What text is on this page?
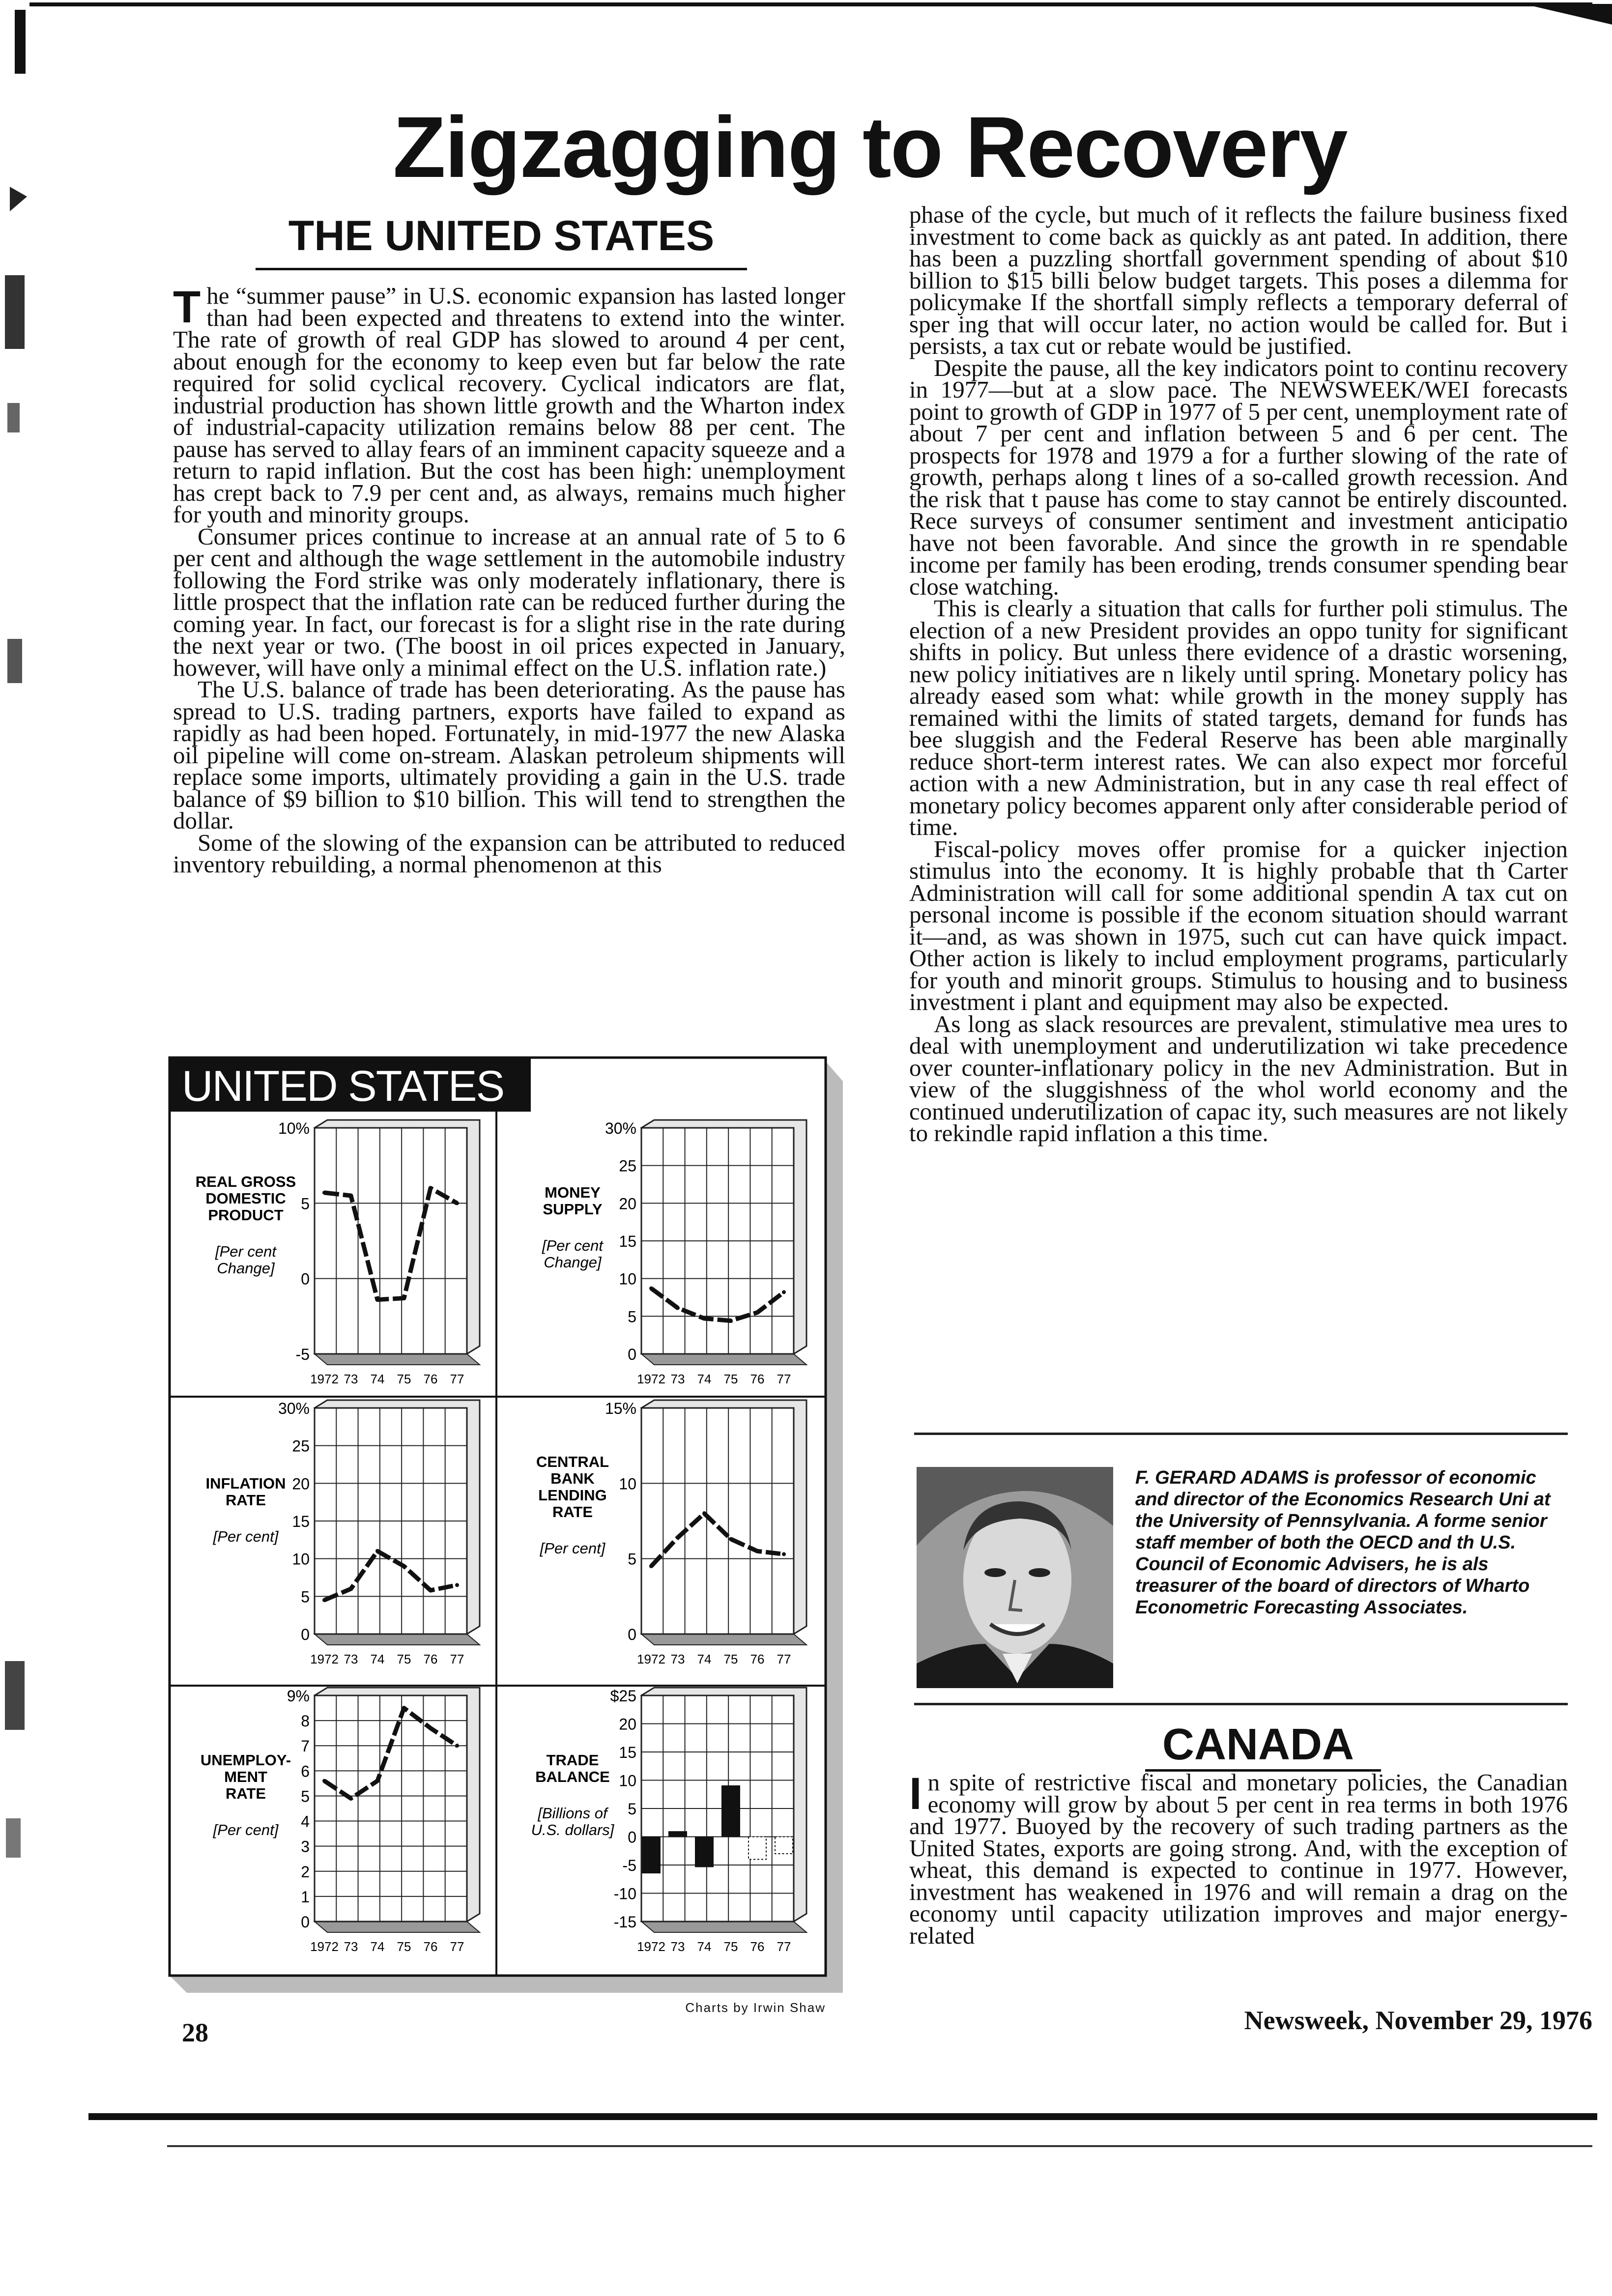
Zigzagging to Recovery
THE UNITED STATES

The “summer pause” in U.S. economic expansion has lasted longer than had been expected and threatens to extend into the winter. The rate of growth of real GDP has slowed to around 4 per cent, about enough for the economy to keep even but far below the rate required for solid cyclical recovery. Cyclical indicators are flat, industrial production has shown little growth and the Wharton index of industrial-capacity utilization remains below 88 per cent. The pause has served to allay fears of an imminent capacity squeeze and a return to rapid inflation. But the cost has been high: unemployment has crept back to 7.9 per cent and, as always, remains much higher for youth and minority groups.

Consumer prices continue to increase at an annual rate of 5 to 6 per cent and although the wage settlement in the automobile industry following the Ford strike was only moderately inflationary, there is little prospect that the inflation rate can be reduced further during the coming year. In fact, our forecast is for a slight rise in the rate during the next year or two. (The boost in oil prices expected in January, however, will have only a minimal effect on the U.S. inflation rate.)

The U.S. balance of trade has been deteriorating. As the pause has spread to U.S. trading partners, exports have failed to expand as rapidly as had been hoped. Fortunately, in mid-1977 the new Alaska oil pipeline will come on-stream. Alaskan petroleum shipments will replace some imports, ultimately providing a gain in the U.S. trade balance of $9 billion to $10 billion. This will tend to strengthen the dollar.

Some of the slowing of the expansion can be attributed to reduced inventory rebuilding, a normal phenomenon at this

phase of the cycle, but much of it reflects the failure business fixed investment to come back as quickly as ant pated. In addition, there has been a puzzling shortfall government spending of about $10 billion to $15 billi below budget targets. This poses a dilemma for policymake If the shortfall simply reflects a temporary deferral of sper ing that will occur later, no action would be called for. But i persists, a tax cut or rebate would be justified.

Despite the pause, all the key indicators point to continu recovery in 1977—but at a slow pace. The NEWSWEEK/WEI forecasts point to growth of GDP in 1977 of 5 per cent, unemployment rate of about 7 per cent and inflation between 5 and 6 per cent. The prospects for 1978 and 1979 a for a further slowing of the rate of growth, perhaps along t lines of a so-called growth recession. And the risk that t pause has come to stay cannot be entirely discounted. Rece surveys of consumer sentiment and investment anticipatio have not been favorable. And since the growth in re spendable income per family has been eroding, trends consumer spending bear close watching.

This is clearly a situation that calls for further poli stimulus. The election of a new President provides an oppo tunity for significant shifts in policy. But unless there evidence of a drastic worsening, new policy initiatives are n likely until spring. Monetary policy has already eased som what: while growth in the money supply has remained withi the limits of stated targets, demand for funds has bee sluggish and the Federal Reserve has been able marginally reduce short-term interest rates. We can also expect mor forceful action with a new Administration, but in any case th real effect of monetary policy becomes apparent only after considerable period of time.

Fiscal-policy moves offer promise for a quicker injection stimulus into the economy. It is highly probable that th Carter Administration will call for some additional spendin A tax cut on personal income is possible if the econom situation should warrant it—and, as was shown in 1975, such cut can have quick impact. Other action is likely to includ employment programs, particularly for youth and minorit groups. Stimulus to housing and to business investment i plant and equipment may also be expected.

As long as slack resources are prevalent, stimulative mea ures to deal with unemployment and underutilization wi take precedence over counter-inflationary policy in the nev Administration. But in view of the sluggishness of the whol world economy and the continued underutilization of capac ity, such measures are not likely to rekindle rapid inflation a this time.

F. GERARD ADAMS is professor of economic and director of the Economics Research Uni at the University of Pennsylvania. A forme senior staff member of both the OECD and th U.S. Council of Economic Advisers, he is als treasurer of the board of directors of Wharto Econometric Forecasting Associates.
CANADA

In spite of restrictive fiscal and monetary policies, the Canadian economy will grow by about 5 per cent in rea terms in both 1976 and 1977. Buoyed by the recovery of such trading partners as the United States, exports are going strong. And, with the exception of wheat, this demand is expected to continue in 1977. However, investment has weakened in 1976 and will remain a drag on the economy until capacity utilization improves and major energy-related

UNITED STATES
10%
5
0
-5
1972 73 74 75 76 77
REAL GROSS
DOMESTIC
PRODUCT
[Per cent
Change]
30%
25
20
15
10
5
0
1972 73 74 75 76 77
MONEY
SUPPLY
[Per cent
Change]
30%
25
20
15
10
5
0
1972 73 74 75 76 77
INFLATION
RATE
[Per cent]
15%
10
5
0
1972 73 74 75 76 77
CENTRAL
BANK
LENDING
RATE
[Per cent]
9%
8
7
6
5
4
3
2
1
0
1972 73 74 75 76 77
UNEMPLOY-
MENT
RATE
[Per cent]
$25
20
15
10
5
0
-5
-10
-15
1972 73 74 75 76 77
TRADE
BALANCE
[Billions of
U.S. dollars]
Charts by Irwin Shaw
28	Newsweek, November 29, 1976
